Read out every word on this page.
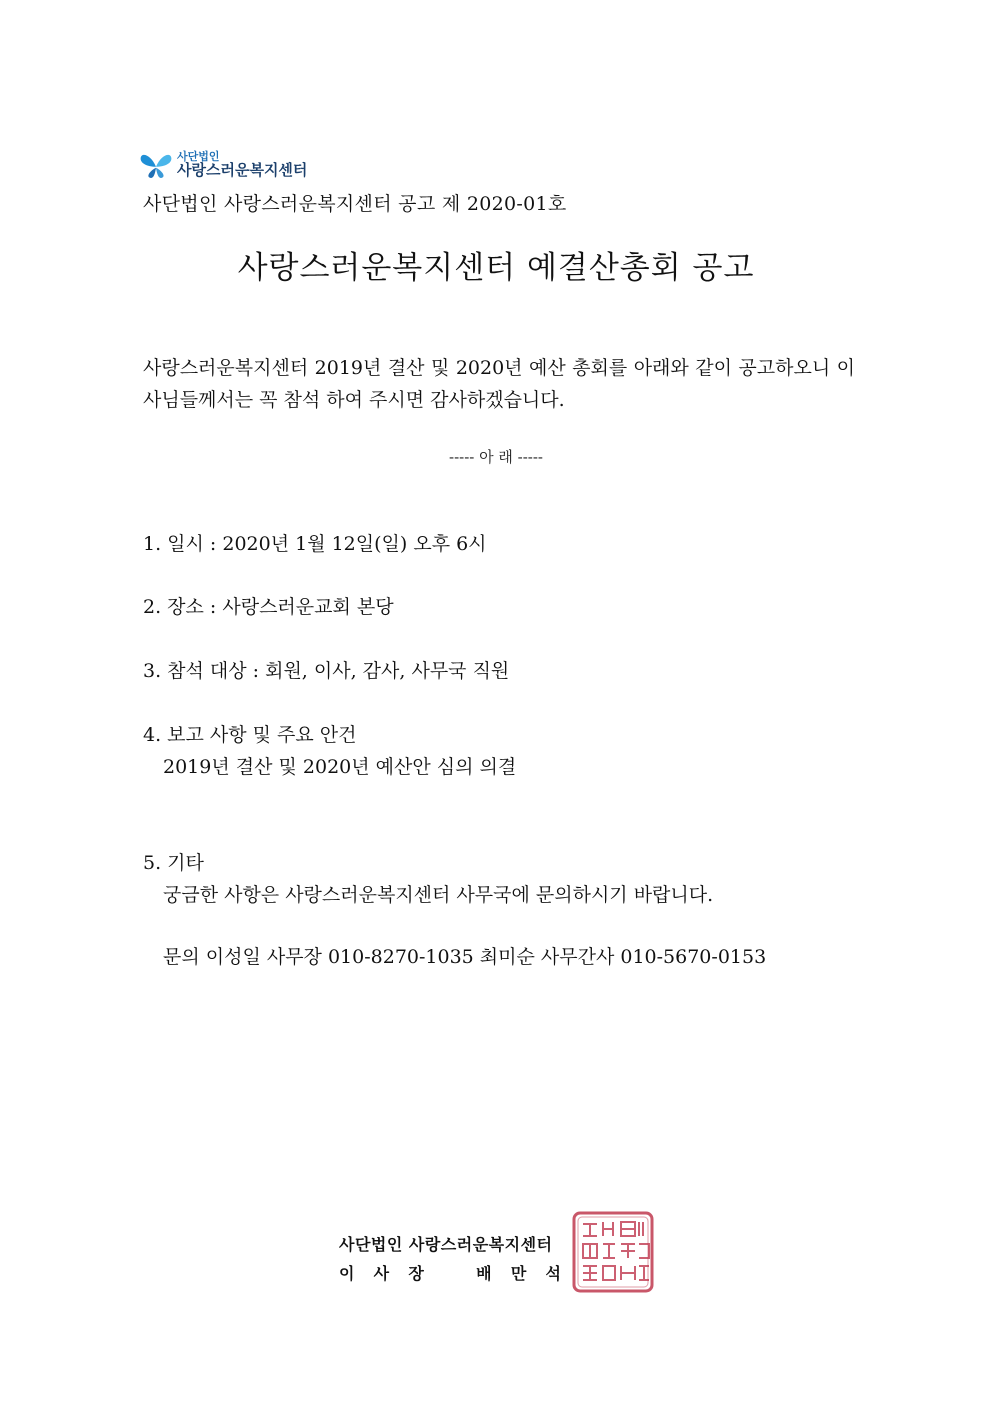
사단법인
사랑스러운복지센터
사단법인 사랑스러운복지센터 공고 제 2020-01호
사랑스러운복지센터 예결산총회 공고
사랑스러운복지센터 2019년 결산 및 2020년 예산 총회를 아래와 같이 공고하오니 이사님들께서는 꼭 참석 하여 주시면 감사하겠습니다.
----- 아 래 -----
1. 일시 : 2020년 1월 12일(일) 오후 6시
2. 장소 : 사랑스러운교회 본당
3. 참석 대상 : 회원, 이사, 감사, 사무국 직원
4. 보고 사항 및 주요 안건
2019년 결산 및 2020년 예산안 심의 의결
5. 기타
궁금한 사항은 사랑스러운복지센터 사무국에 문의하시기 바랍니다.
문의 이성일 사무장 010-8270-1035 최미순 사무간사 010-5670-0153
사단법인 사랑스러운복지센터
이 사 장	배 만 석
